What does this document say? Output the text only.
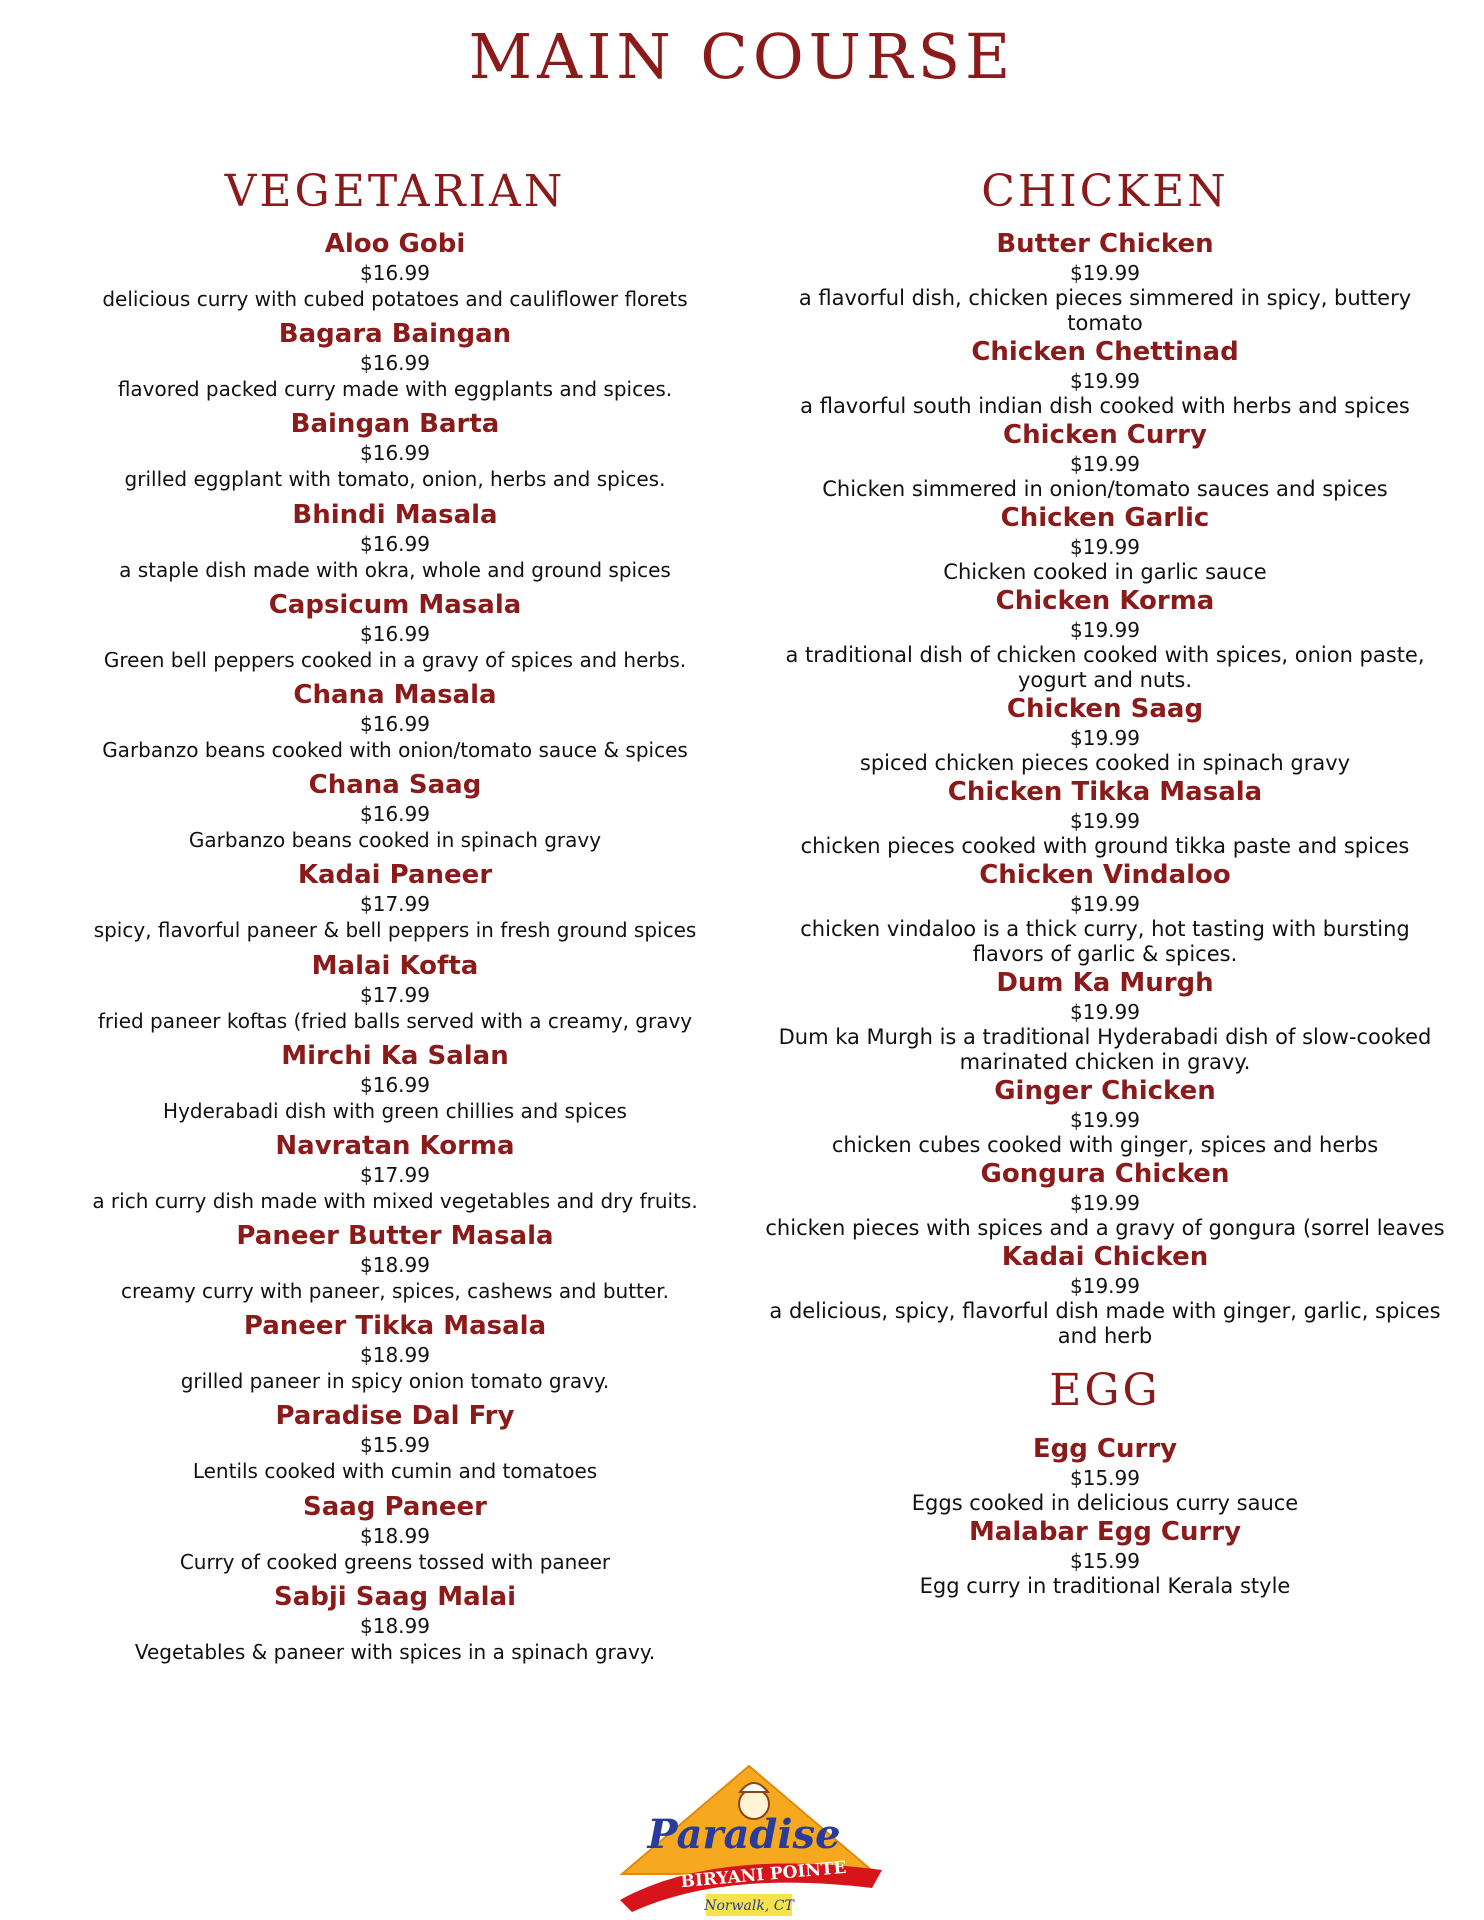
MAIN COURSE
VEGETARIAN
Aloo Gobi
$16.99
delicious curry with cubed potatoes and cauliflower florets
Bagara Baingan
$16.99
flavored packed curry made with eggplants and spices.
Baingan Barta
$16.99
grilled eggplant with tomato, onion, herbs and spices.
Bhindi Masala
$16.99
a staple dish made with okra, whole and ground spices
Capsicum Masala
$16.99
Green bell peppers cooked in a gravy of spices and herbs.
Chana Masala
$16.99
Garbanzo beans cooked with onion/tomato sauce & spices
Chana Saag
$16.99
Garbanzo beans cooked in spinach gravy
Kadai Paneer
$17.99
spicy, flavorful paneer & bell peppers in fresh ground spices
Malai Kofta
$17.99
fried paneer koftas (fried balls served with a creamy, gravy
Mirchi Ka Salan
$16.99
Hyderabadi dish with green chillies and spices
Navratan Korma
$17.99
a rich curry dish made with mixed vegetables and dry fruits.
Paneer Butter Masala
$18.99
creamy curry with paneer, spices, cashews and butter.
Paneer Tikka Masala
$18.99
grilled paneer in spicy onion tomato gravy.
Paradise Dal Fry
$15.99
Lentils cooked with cumin and tomatoes
Saag Paneer
$18.99
Curry of cooked greens tossed with paneer
Sabji Saag Malai
$18.99
Vegetables & paneer with spices in a spinach gravy.
CHICKEN
Butter Chicken
$19.99
a flavorful dish, chicken pieces simmered in spicy, buttery tomato
Chicken Chettinad
$19.99
a flavorful south indian dish cooked with herbs and spices
Chicken Curry
$19.99
Chicken simmered in onion/tomato sauces and spices
Chicken Garlic
$19.99
Chicken cooked in garlic sauce
Chicken Korma
$19.99
a traditional dish of chicken cooked with spices, onion paste, yogurt and nuts.
Chicken Saag
$19.99
spiced chicken pieces cooked in spinach gravy
Chicken Tikka Masala
$19.99
chicken pieces cooked with ground tikka paste and spices
Chicken Vindaloo
$19.99
chicken vindaloo is a thick curry, hot tasting with bursting flavors of garlic & spices.
Dum Ka Murgh
$19.99
Dum ka Murgh is a traditional Hyderabadi dish of slow-cooked marinated chicken in gravy.
Ginger Chicken
$19.99
chicken cubes cooked with ginger, spices and herbs
Gongura Chicken
$19.99
chicken pieces with spices and a gravy of gongura (sorrel leaves
Kadai Chicken
$19.99
a delicious, spicy, flavorful dish made with ginger, garlic, spices and herb
EGG
Egg Curry
$15.99
Eggs cooked in delicious curry sauce
Malabar Egg Curry
$15.99
Egg curry in traditional Kerala style
Paradise
BIRYANI POINTE
Norwalk, CT
